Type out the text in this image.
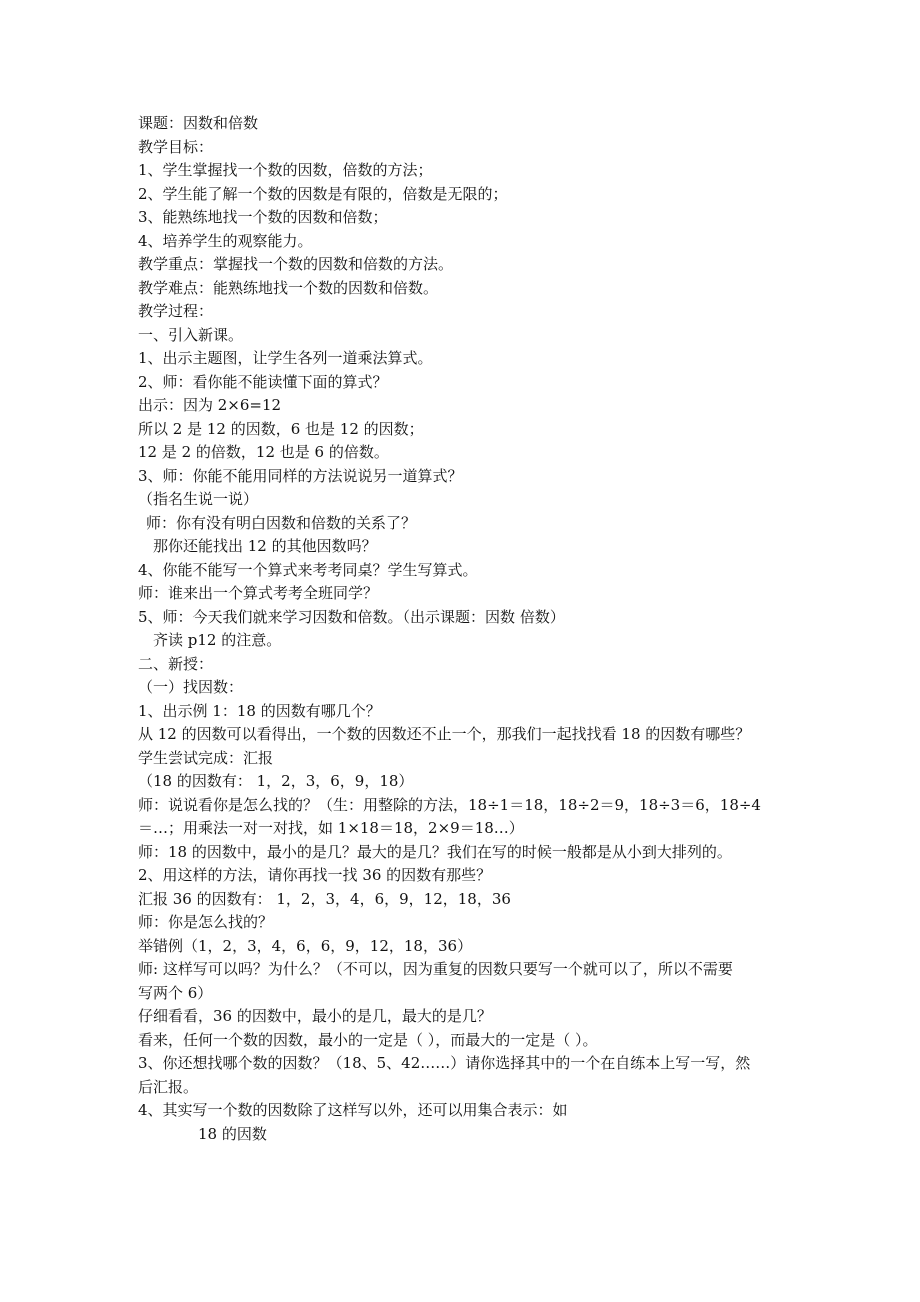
课题：因数和倍数

教学目标：

1、学生掌握找一个数的因数，倍数的方法；

2、学生能了解一个数的因数是有限的，倍数是无限的；

3、能熟练地找一个数的因数和倍数；

4、培养学生的观察能力。

教学重点：掌握找一个数的因数和倍数的方法。

教学难点：能熟练地找一个数的因数和倍数。

教学过程：

一、引入新课。

1、出示主题图，让学生各列一道乘法算式。

2、师：看你能不能读懂下面的算式？

出示：因为 2×6=12

所以 2 是 12 的因数，6 也是 12 的因数；

12 是 2 的倍数，12 也是 6 的倍数。

3、师：你能不能用同样的方法说说另一道算式？

（指名生说一说）

师：你有没有明白因数和倍数的关系了？

那你还能找出 12 的其他因数吗？

4、你能不能写一个算式来考考同桌？学生写算式。

师：谁来出一个算式考考全班同学？

5、师：今天我们就来学习因数和倍数。（出示课题：因数 倍数）

齐读 p12 的注意。

二、新授：

（一）找因数：

1、出示例 1：18 的因数有哪几个？

从 12 的因数可以看得出，一个数的因数还不止一个，那我们一起找找看 18 的因数有哪些？

学生尝试完成：汇报

（18 的因数有： 1，2，3，6，9，18）

师：说说看你是怎么找的？（生：用整除的方法，18÷1＝18，18÷2＝9，18÷3＝6，18÷4

＝…；用乘法一对一对找，如 1×18＝18，2×9＝18…）

师：18 的因数中，最小的是几？最大的是几？我们在写的时候一般都是从小到大排列的。

2、用这样的方法，请你再找一找 36 的因数有那些？

汇报 36 的因数有： 1，2，3，4，6，9，12，18，36

师：你是怎么找的？

举错例（1，2，3，4，6，6，9，12，18，36）

师: 这样写可以吗？为什么？（不可以，因为重复的因数只要写一个就可以了，所以不需要

写两个 6）

仔细看看，36 的因数中，最小的是几，最大的是几？

看来，任何一个数的因数，最小的一定是（ ），而最大的一定是（ ）。

3、你还想找哪个数的因数？（18、5、42……）请你选择其中的一个在自练本上写一写，然

后汇报。

4、其实写一个数的因数除了这样写以外，还可以用集合表示：如

18 的因数
